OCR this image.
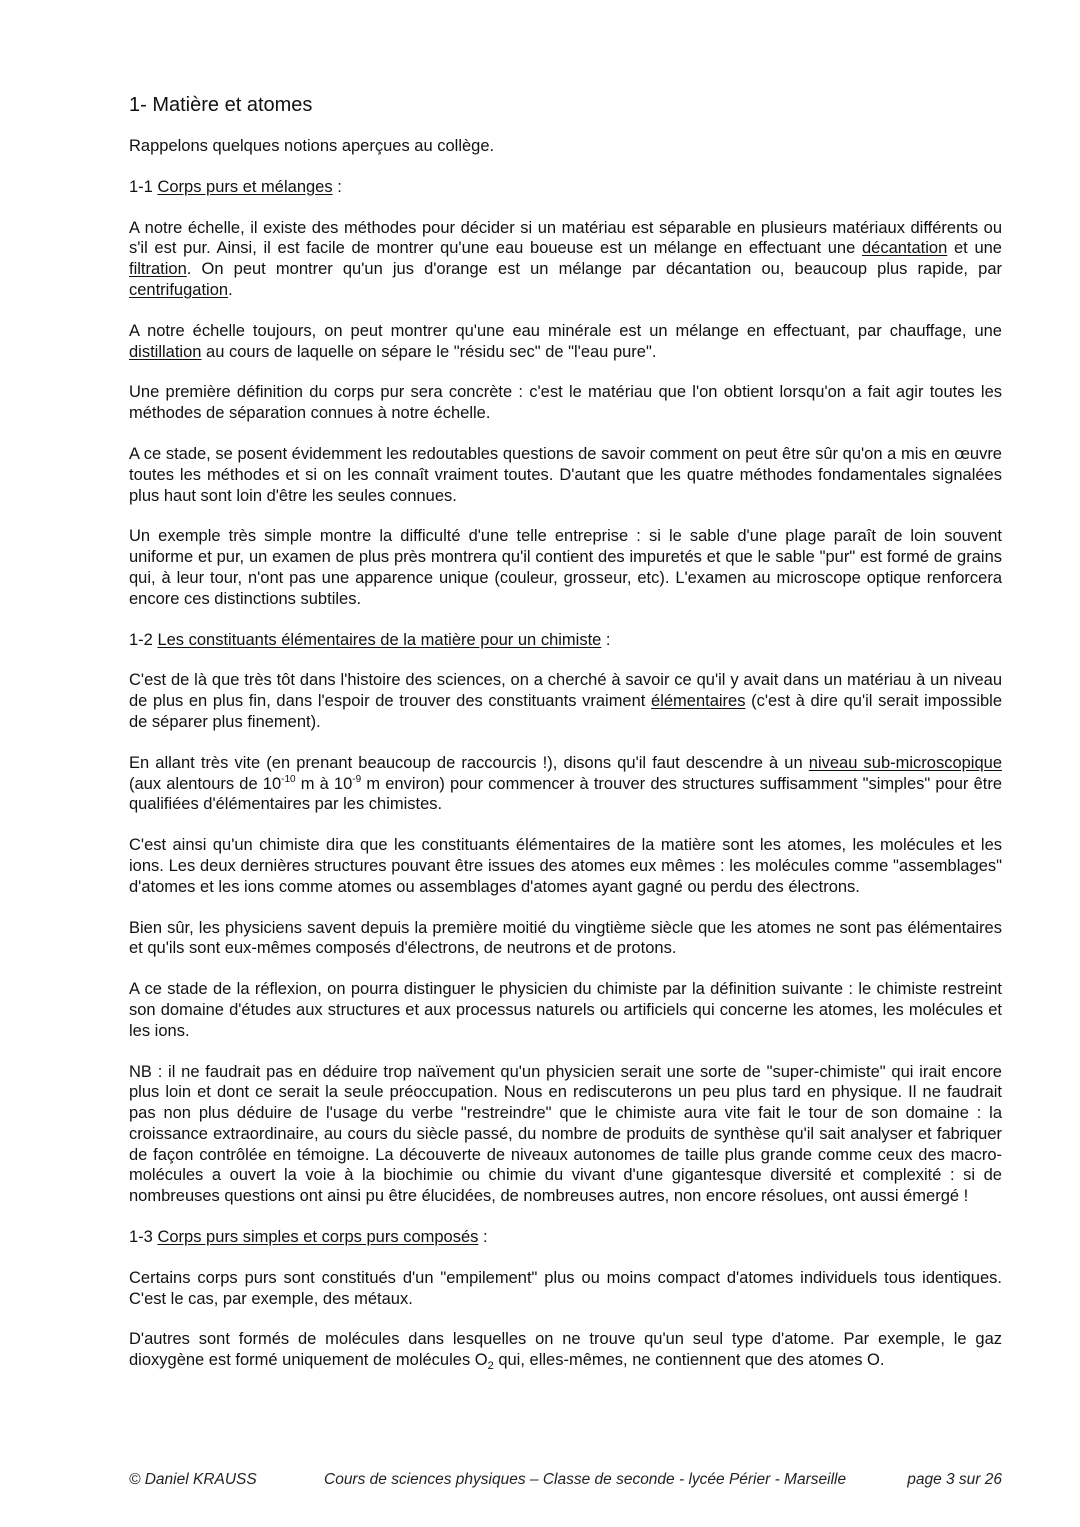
1- Matière et atomes

Rappelons quelques notions aperçues au collège.

1-1 Corps purs et mélanges :

A notre échelle, il existe des méthodes pour décider si un matériau est séparable en plusieurs matériaux différents ou s'il est pur. Ainsi, il est facile de montrer qu'une eau boueuse est un mélange en effectuant une décantation et une filtration. On peut montrer qu'un jus d'orange est un mélange par décantation ou, beaucoup plus rapide, par centrifugation.

A notre échelle toujours, on peut montrer qu'une eau minérale est un mélange en effectuant, par chauffage, une distillation au cours de laquelle on sépare le "résidu sec" de "l'eau pure".

Une première définition du corps pur sera concrète : c'est le matériau que l'on obtient lorsqu'on a fait agir toutes les méthodes de séparation connues à notre échelle.

A ce stade, se posent évidemment les redoutables questions de savoir comment on peut être sûr qu'on a mis en œuvre toutes les méthodes et si on les connaît vraiment toutes. D'autant que les quatre méthodes fondamentales signalées plus haut sont loin d'être les seules connues.

Un exemple très simple montre la difficulté d'une telle entreprise : si le sable d'une plage paraît de loin souvent uniforme et pur, un examen de plus près montrera qu'il contient des impuretés et que le sable "pur" est formé de grains qui, à leur tour, n'ont pas une apparence unique (couleur, grosseur, etc). L'examen au microscope optique renforcera encore ces distinctions subtiles.

1-2 Les constituants élémentaires de la matière pour un chimiste :

C'est de là que très tôt dans l'histoire des sciences, on a cherché à savoir ce qu'il y avait dans un matériau à un niveau de plus en plus fin, dans l'espoir de trouver des constituants vraiment élémentaires (c'est à dire qu'il serait impossible de séparer plus finement).

En allant très vite (en prenant beaucoup de raccourcis !), disons qu'il faut descendre à un niveau sub-microscopique (aux alentours de $10^{-10}$ m à $10^{-9}$ m environ) pour commencer à trouver des structures suffisamment "simples" pour être qualifiées d'élémentaires par les chimistes.

C'est ainsi qu'un chimiste dira que les constituants élémentaires de la matière sont les atomes, les molécules et les ions. Les deux dernières structures pouvant être issues des atomes eux mêmes : les molécules comme "assemblages" d'atomes et les ions comme atomes ou assemblages d'atomes ayant gagné ou perdu des électrons.

Bien sûr, les physiciens savent depuis la première moitié du vingtième siècle que les atomes ne sont pas élémentaires et qu'ils sont eux-mêmes composés d'électrons, de neutrons et de protons.

A ce stade de la réflexion, on pourra distinguer le physicien du chimiste par la définition suivante : le chimiste restreint son domaine d'études aux structures et aux processus naturels ou artificiels qui concerne les atomes, les molécules et les ions.

NB : il ne faudrait pas en déduire trop naïvement qu'un physicien serait une sorte de "super-chimiste" qui irait encore plus loin et dont ce serait la seule préoccupation. Nous en rediscuterons un peu plus tard en physique. Il ne faudrait pas non plus déduire de l'usage du verbe "restreindre" que le chimiste aura vite fait le tour de son domaine : la croissance extraordinaire, au cours du siècle passé, du nombre de produits de synthèse qu'il sait analyser et fabriquer de façon contrôlée en témoigne. La découverte de niveaux autonomes de taille plus grande comme ceux des macro-molécules a ouvert la voie à la biochimie ou chimie du vivant d'une gigantesque diversité et complexité : si de nombreuses questions ont ainsi pu être élucidées, de nombreuses autres, non encore résolues, ont aussi émergé !

1-3 Corps purs simples et corps purs composés :

Certains corps purs sont constitués d'un "empilement" plus ou moins compact d'atomes individuels tous identiques. C'est le cas, par exemple, des métaux.

D'autres sont formés de molécules dans lesquelles on ne trouve qu'un seul type d'atome. Par exemple, le gaz dioxygène est formé uniquement de molécules $O_2$ qui, elles-mêmes, ne contiennent que des atomes O.

© Daniel KRAUSS	Cours de sciences physiques – Classe de seconde - lycée Périer - Marseille	page 3 sur 26
